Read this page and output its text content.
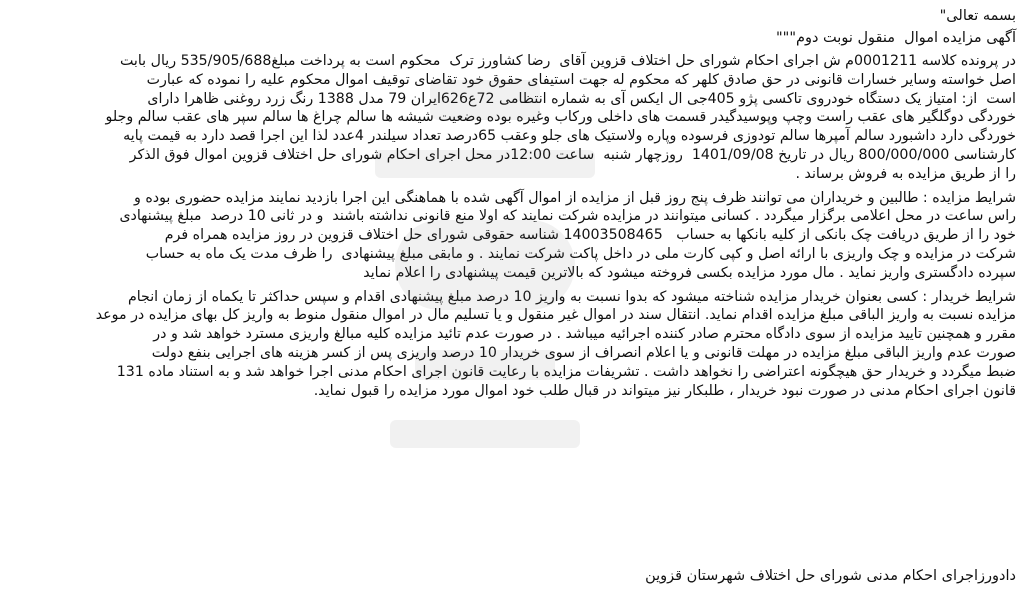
بسمه تعالی"
آگهی مزایده اموال  منقول نوبت دوم"""
در پرونده کلاسه 0001211م ش اجرای احکام شورای حل اختلاف قزوین آقای  رضا کشاورز ترک  محکوم است به پرداخت مبلغ535/905/688 ریال بابت
اصل خواسته وسایر خسارات قانونی در حق صادق کلهر که محکوم له جهت استیفای حقوق خود تقاضای توقیف اموال محکوم علیه را نموده که عبارت
است  از: امتیاز یک دستگاه خودروی تاکسی پژو 405جی ال ایکس آی به شماره انتظامی 72ع626ایران 79 مدل 1388 رنگ زرد روغنی ظاهرا دارای
خوردگی دوگلگیر های عقب راست وچپ وپوسیدگیدر قسمت های داخلی ورکاب وغیره بوده وضعیت شیشه ها سالم چراغ ها سالم سپر های عقب سالم وجلو
خوردگی دارد داشبورد سالم آمپرها سالم تودوزی فرسوده وپاره ولاستیک های جلو وعقب 65درصد تعداد سیلندر 4عدد لذا این اجرا قصد دارد به قیمت پایه
کارشناسی 800/000/000 ریال در تاریخ 1401/09/08  روزچهار شنبه  ساعت 12:00در محل اجرای احکام شورای حل اختلاف قزوین اموال فوق الذکر
را از طریق مزایده به فروش برساند .
شرایط مزایده : طالبین و خریداران می توانند ظرف پنج روز قبل از مزایده از اموال آگهی شده با هماهنگی این اجرا بازدید نمایند مزایده حضوری بوده و
راس ساعت در محل اعلامی برگزار میگردد . کسانی میتوانند در مزایده شرکت نمایند که اولا منع قانونی نداشته باشند  و در ثانی 10 درصد  مبلغ پیشنهادی
خود را از طریق دریافت چک بانکی از کلیه بانکها به حساب   14003508465 شناسه حقوقی شورای حل اختلاف قزوین در روز مزایده همراه فرم
شرکت در مزایده و چک واریزی با ارائه اصل و کپی کارت ملی در داخل پاکت شرکت نمایند . و مابقی مبلغ پیشنهادی  را ظرف مدت یک ماه به حساب
سپرده دادگستری واریز نماید . مال مورد مزایده بکسی فروخته میشود که بالاترین قیمت پیشنهادی را اعلام نماید
شرایط خریدار : کسی بعنوان خریدار مزایده شناخته میشود که بدوا نسبت به واریز 10 درصد مبلغ پیشنهادی اقدام و سپس حداکثر تا یکماه از زمان انجام
مزایده نسبت به واریز الباقی مبلغ مزایده اقدام نماید. انتقال سند در اموال غیر منقول و یا تسلیم مال در اموال منقول منوط به واریز کل بهای مزایده در موعد
مقرر و همچنین تایید مزایده از سوی دادگاه محترم صادر کننده اجرائیه میباشد . در صورت عدم تائید مزایده کلیه مبالغ واریزی مسترد خواهد شد و در
صورت عدم واریز الباقی مبلغ مزایده در مهلت قانونی و یا اعلام انصراف از سوی خریدار 10 درصد واریزی پس از کسر هزینه های اجرایی بنفع دولت
ضبط میگردد و خریدار حق هیچگونه اعتراضی را نخواهد داشت . تشریفات مزایده با رعایت قانون اجرای احکام مدنی اجرا خواهد شد و به استناد ماده 131
قانون اجرای احکام مدنی در صورت نبود خریدار ، طلبکار نیز میتواند در قبال طلب خود اموال مورد مزایده را قبول نماید.
دادورزاجرای احکام مدنی شورای حل اختلاف شهرستان قزوین
